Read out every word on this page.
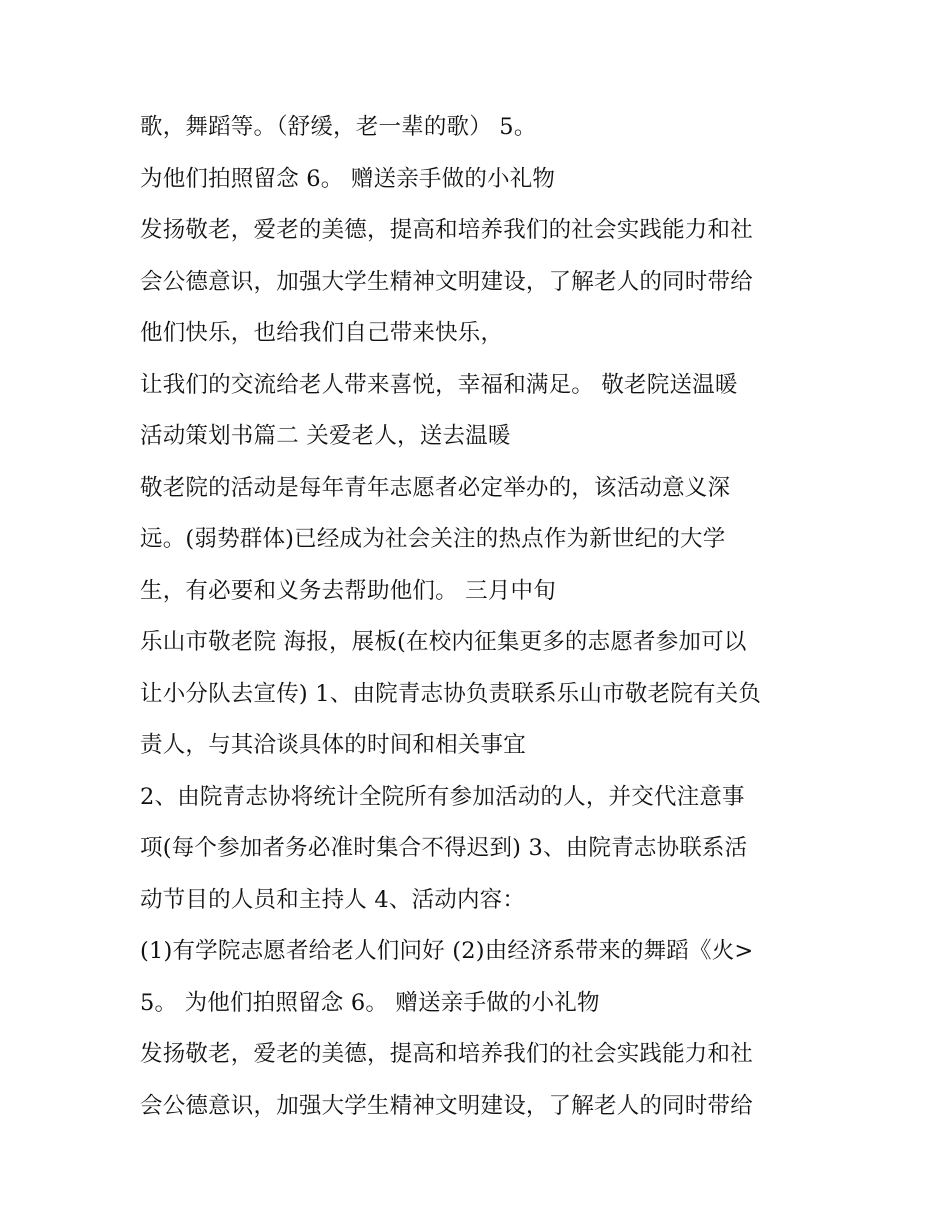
歌，舞蹈等。（舒缓，老一辈的歌） 5。
为他们拍照留念 6。 赠送亲手做的小礼物
发扬敬老，爱老的美德，提高和培养我们的社会实践能力和社
会公德意识，加强大学生精神文明建设，了解老人的同时带给
他们快乐，也给我们自己带来快乐，
让我们的交流给老人带来喜悦，幸福和满足。 敬老院送温暖
活动策划书篇二 关爱老人，送去温暖
敬老院的活动是每年青年志愿者必定举办的，该活动意义深
远。(弱势群体)已经成为社会关注的热点作为新世纪的大学
生，有必要和义务去帮助他们。 三月中旬
乐山市敬老院 海报，展板(在校内征集更多的志愿者参加可以
让小分队去宣传) 1、由院青志协负责联系乐山市敬老院有关负
责人，与其洽谈具体的时间和相关事宜
2、由院青志协将统计全院所有参加活动的人，并交代注意事
项(每个参加者务必准时集合不得迟到) 3、由院青志协联系活
动节目的人员和主持人 4、活动内容：
(1)有学院志愿者给老人们问好 (2)由经济系带来的舞蹈《火>
5。 为他们拍照留念 6。 赠送亲手做的小礼物
发扬敬老，爱老的美德，提高和培养我们的社会实践能力和社
会公德意识，加强大学生精神文明建设，了解老人的同时带给
